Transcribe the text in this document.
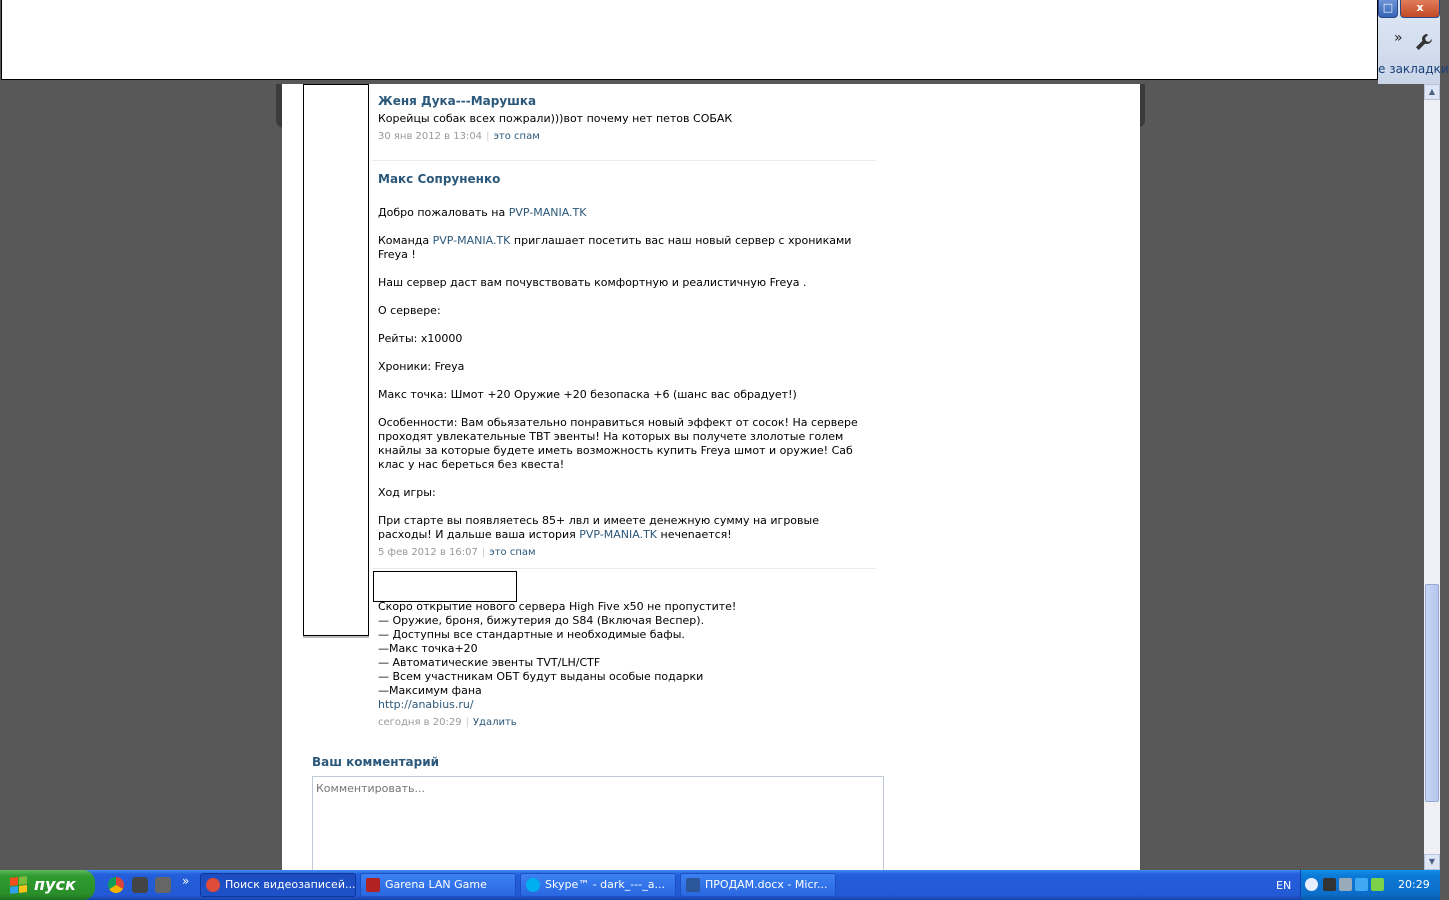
□	x
»
е закладки
Женя Дука---Марушка

Корейцы собак всех пожрали)))вот почему нет петов СОБАК

30 янв 2012 в 13:04 | это спам
Макс Сопруненко

Добро пожаловать на PVP-MANIA.TK

Команда PVP-MANIA.TK приглашает посетить вас наш новый сервер с хрониками Freya !

Наш сервер даст вам почувствовать комфортную и реалистичную Freya .

О сервере:

Рейты: x10000

Хроники: Freya

Макс точка: Шмот +20 Оружие +20 безопаска +6 (шанс вас обрадует!)

Особенности: Вам обьязательно понравиться новый эффект от сосок! На сервере проходят увлекательные TBT эвенты! На которых вы получете злолотые голем кнайлы за которые будете иметь возможность купить Freya шмот и оружие! Саб клас у нас береться без квеста!

Ход игры:

При старте вы появляетесь 85+ лвл и имеете денежную сумму на игровые расходы! И дальше ваша история PVP-MANIA.TK нечenается!

5 фев 2012 в 16:07 | это спам

Скоро открытие нового сервера High Five x50 не пропустите!

— Оружие, броня, бижутерия до S84 (Включая Веспер).

— Доступны все стандартные и необходимые бафы.

—Макс точка+20

— Автоматические эвенты TVT/LH/CTF

— Всем участникам ОБТ будут выданы особые подарки

—Максимум фана

http://anabius.ru/

сегодня в 20:29 | Удалить
Ваш комментарий
Комментировать...
▲
▼
пуск	»	Поиск видеозаписей...	Garena LAN Game	Skype™ - dark_---_a...	ПРОДАМ.docx - Micr...	EN	20:29
